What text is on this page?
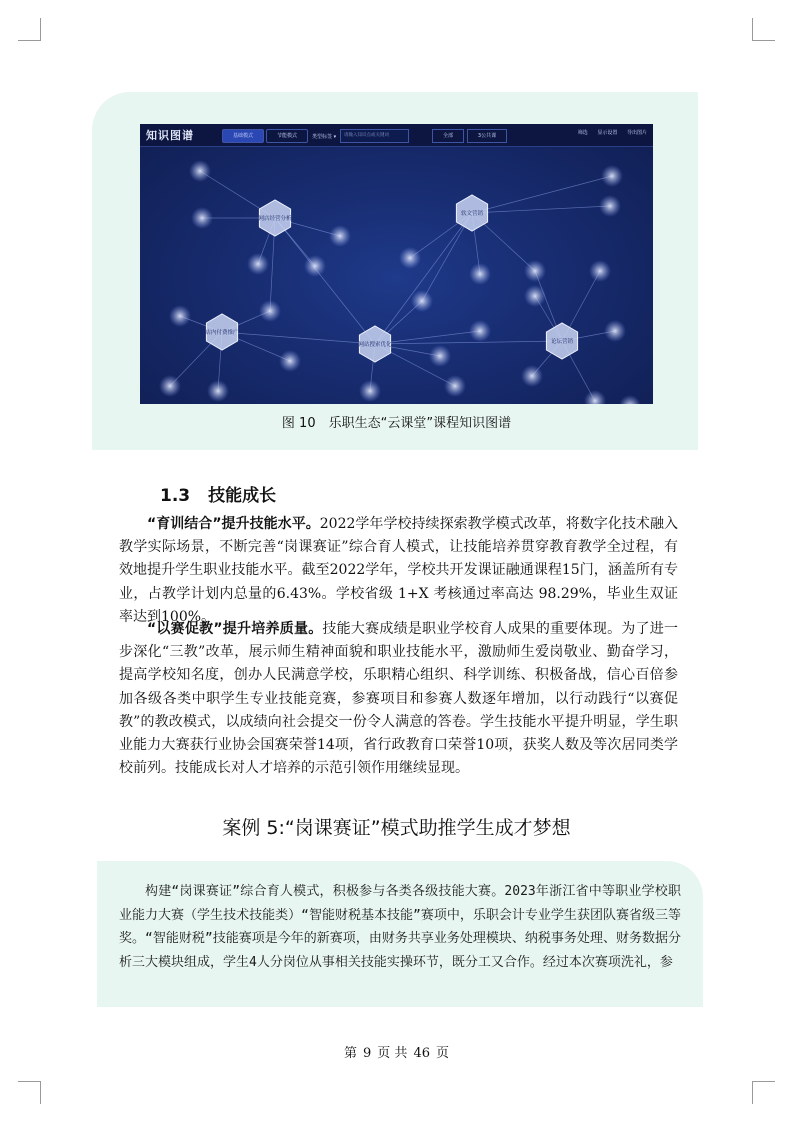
知识图谱	基础模式	节能模式	类型标签 ▾	请输入知识点或关键词	全部	3公共课	筛选 显示设置 导出图片
网店经营分析
软文营销
店内付费推广
网站搜索优化	论坛营销
图 10　乐职生态“云课堂”课程知识图谱
1.3 技能成长

“育训结合”提升技能水平。2022学年学校持续探索教学模式改革，将数字化技术融入教学实际场景，不断完善“岗课赛证”综合育人模式，让技能培养贯穿教育教学全过程，有效地提升学生职业技能水平。截至2022学年，学校共开发课证融通课程15门，涵盖所有专业，占教学计划内总量的6.43%。学校省级 1+X 考核通过率高达 98.29%，毕业生双证率达到100%。

“以赛促教”提升培养质量。技能大赛成绩是职业学校育人成果的重要体现。为了进一步深化“三教”改革，展示师生精神面貌和职业技能水平，激励师生爱岗敬业、勤奋学习，提高学校知名度，创办人民满意学校，乐职精心组织、科学训练、积极备战，信心百倍参加各级各类中职学生专业技能竞赛，参赛项目和参赛人数逐年增加，以行动践行“以赛促教”的教改模式，以成绩向社会提交一份令人满意的答卷。学生技能水平提升明显，学生职业能力大赛获行业协会国赛荣誉14项，省行政教育口荣誉10项，获奖人数及等次居同类学校前列。技能成长对人才培养的示范引领作用继续显现。

案例 5:“岗课赛证”模式助推学生成才梦想

构建“岗课赛证”综合育人模式，积极参与各类各级技能大赛。2023年浙江省中等职业学校职业能力大赛（学生技术技能类）“智能财税基本技能”赛项中，乐职会计专业学生获团队赛省级三等奖。“智能财税”技能赛项是今年的新赛项，由财务共享业务处理模块、纳税事务处理、财务数据分析三大模块组成，学生4人分岗位从事相关技能实操环节，既分工又合作。经过本次赛项洗礼，参

第 9 页 共 46 页
